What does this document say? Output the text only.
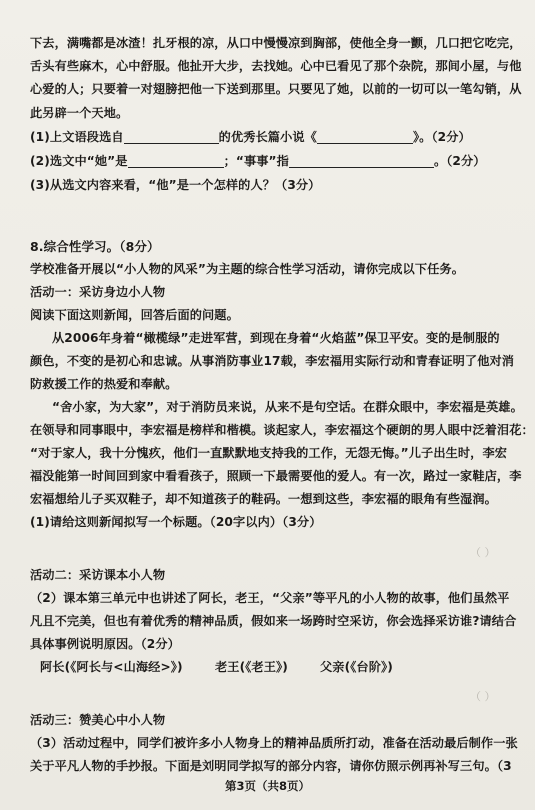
下去，满嘴都是冰渣！扎牙根的凉，从口中慢慢凉到胸部，使他全身一颤，几口把它吃完，
舌头有些麻木，心中舒服。他扯开大步，去找她。心中已看见了那个杂院，那间小屋，与他
心爱的人；只要着一对翅膀把他一下送到那里。只要见了她，以前的一切可以一笔勾销，从
此另辟一个天地。
(1)上文语段选自	的优秀长篇小说《	》。（2分）
(2)选文中“她”是	；“事事”指	。（2分）
(3)从选文内容来看，“他”是一个怎样的人？（3分）
8.综合性学习。（8分）
学校准备开展以“小人物的风采”为主题的综合性学习活动，请你完成以下任务。
活动一：采访身边小人物
阅读下面这则新闻，回答后面的问题。
从2006年身着“橄榄绿”走进军营，到现在身着“火焰蓝”保卫平安。变的是制服的
颜色，不变的是初心和忠诚。从事消防事业17载，李宏福用实际行动和青春证明了他对消
防救援工作的热爱和奉献。
“舍小家，为大家”，对于消防员来说，从来不是句空话。在群众眼中，李宏福是英雄。
在领导和同事眼中，李宏福是榜样和楷模。谈起家人，李宏福这个硬朗的男人眼中泛着泪花：
“对于家人，我十分愧疚，他们一直默默地支持我的工作，无怨无悔。”儿子出生时，李宏
福没能第一时间回到家中看看孩子，照顾一下最需要他的爱人。有一次，路过一家鞋店，李
宏福想给儿子买双鞋子，却不知道孩子的鞋码。一想到这些，李宏福的眼角有些湿润。
(1)请给这则新闻拟写一个标题。（20字以内）（3分）
（ ）
活动二：采访课本小人物
（2）课本第三单元中也讲述了阿长，老王，“父亲”等平凡的小人物的故事，他们虽然平
凡且不完美，但也有着优秀的精神品质，假如来一场跨时空采访，你会选择采访谁?请结合
具体事例说明原因。（2分）
阿长(《阿长与<山海经>》)	老王(《老王》)	父亲(《台阶》)
（ ）
活动三：赞美心中小人物
（3）活动过程中，同学们被许多小人物身上的精神品质所打动，准备在活动最后制作一张
关于平凡人物的手抄报。下面是刘明同学拟写的部分内容，请你仿照示例再补写三句。（3
第3页（共8页）
